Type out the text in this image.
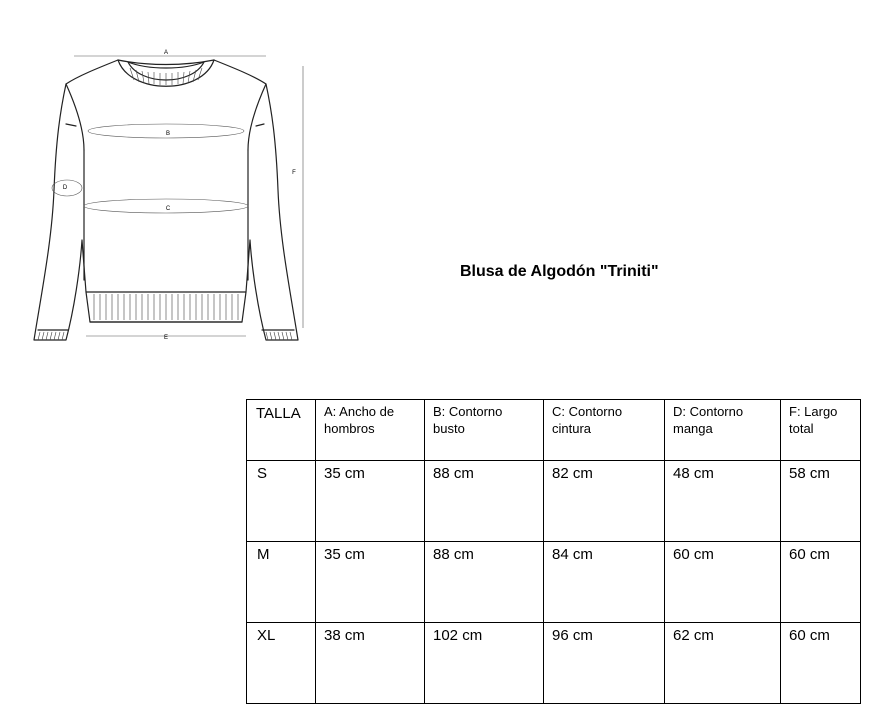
A
B
C
D
E
F
Blusa de Algodón "Triniti"
TALLA	A: Ancho de hombros	B: Contorno busto	C: Contorno cintura	D: Contorno manga	F: Largo total
S	35 cm	88 cm	82 cm	48 cm	58 cm
M	35 cm	88 cm	84 cm	60 cm	60 cm
XL	38 cm	102 cm	96 cm	62 cm	60 cm
